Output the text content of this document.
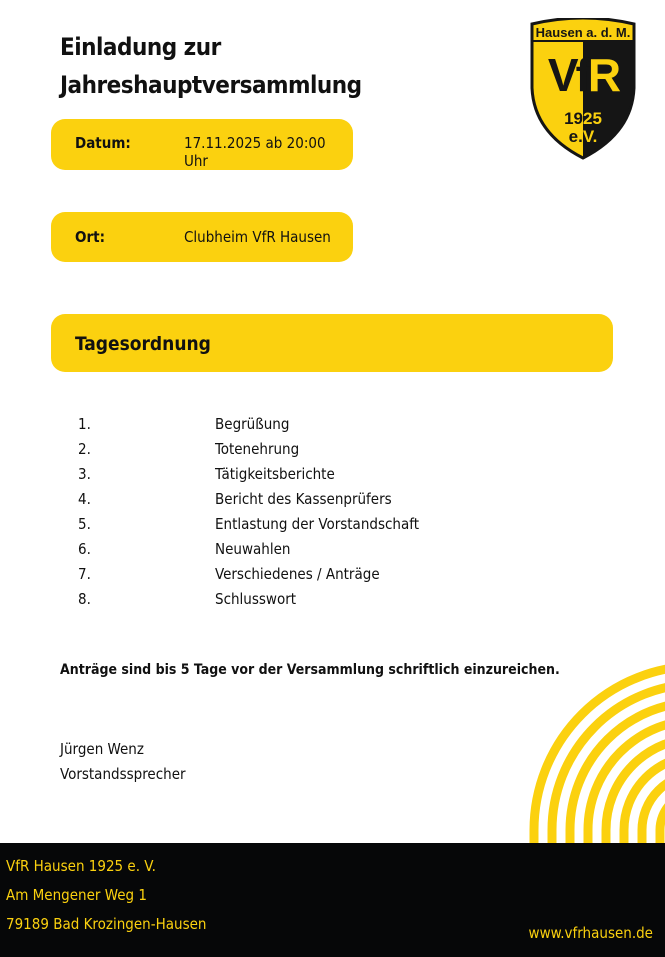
Einladung zur
Jahreshauptversammlung
Hausen a. d. M.
VfR
1925
e.V.
Datum:	17.11.2025 ab 20:00 Uhr
Ort:	Clubheim VfR Hausen
Tagesordnung
1.	Begrüßung
2.	Totenehrung
3.	Tätigkeitsberichte
4.	Bericht des Kassenprüfers
5.	Entlastung der Vorstandschaft
6.	Neuwahlen
7.	Verschiedenes / Anträge
8.	Schlusswort
Anträge sind bis 5 Tage vor der Versammlung schriftlich einzureichen.
Jürgen Wenz
Vorstandssprecher
VfR Hausen 1925 e. V.
Am Mengener Weg 1
79189 Bad Krozingen-Hausen	www.vfrhausen.de
